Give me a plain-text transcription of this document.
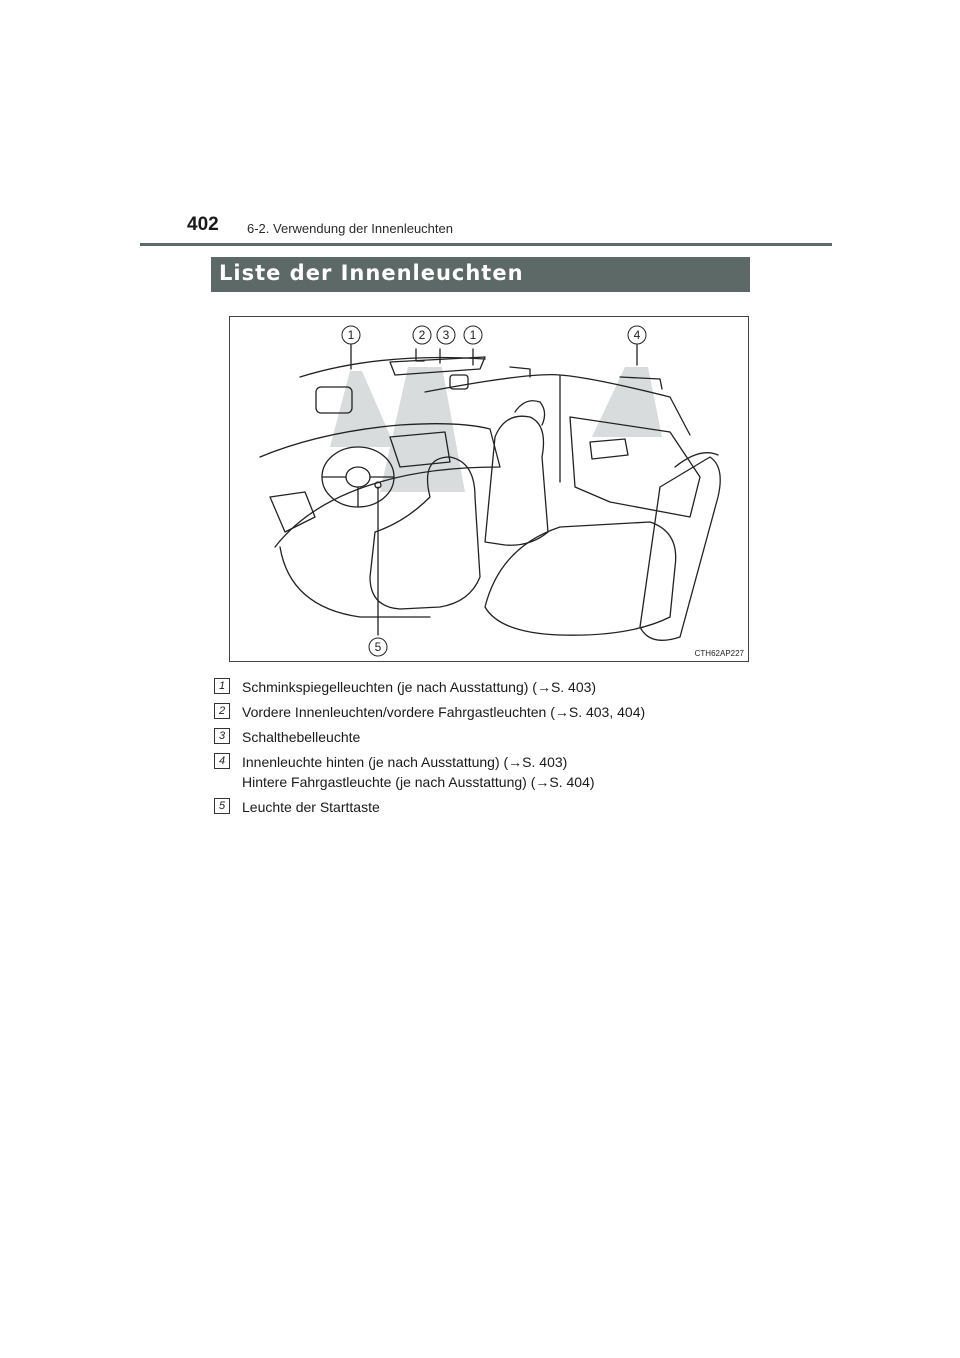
402 6-2. Verwendung der Innenleuchten
Liste der Innenleuchten
1	2 3 1	4
5	CTH62AP227
1	Schminkspiegelleuchten (je nach Ausstattung) (→S. 403)
2	Vordere Innenleuchten/vordere Fahrgastleuchten (→S. 403, 404)
3	Schalthebelleuchte
4	Innenleuchte hinten (je nach Ausstattung) (→S. 403)
Hintere Fahrgastleuchte (je nach Ausstattung) (→S. 404)
5	Leuchte der Starttaste
